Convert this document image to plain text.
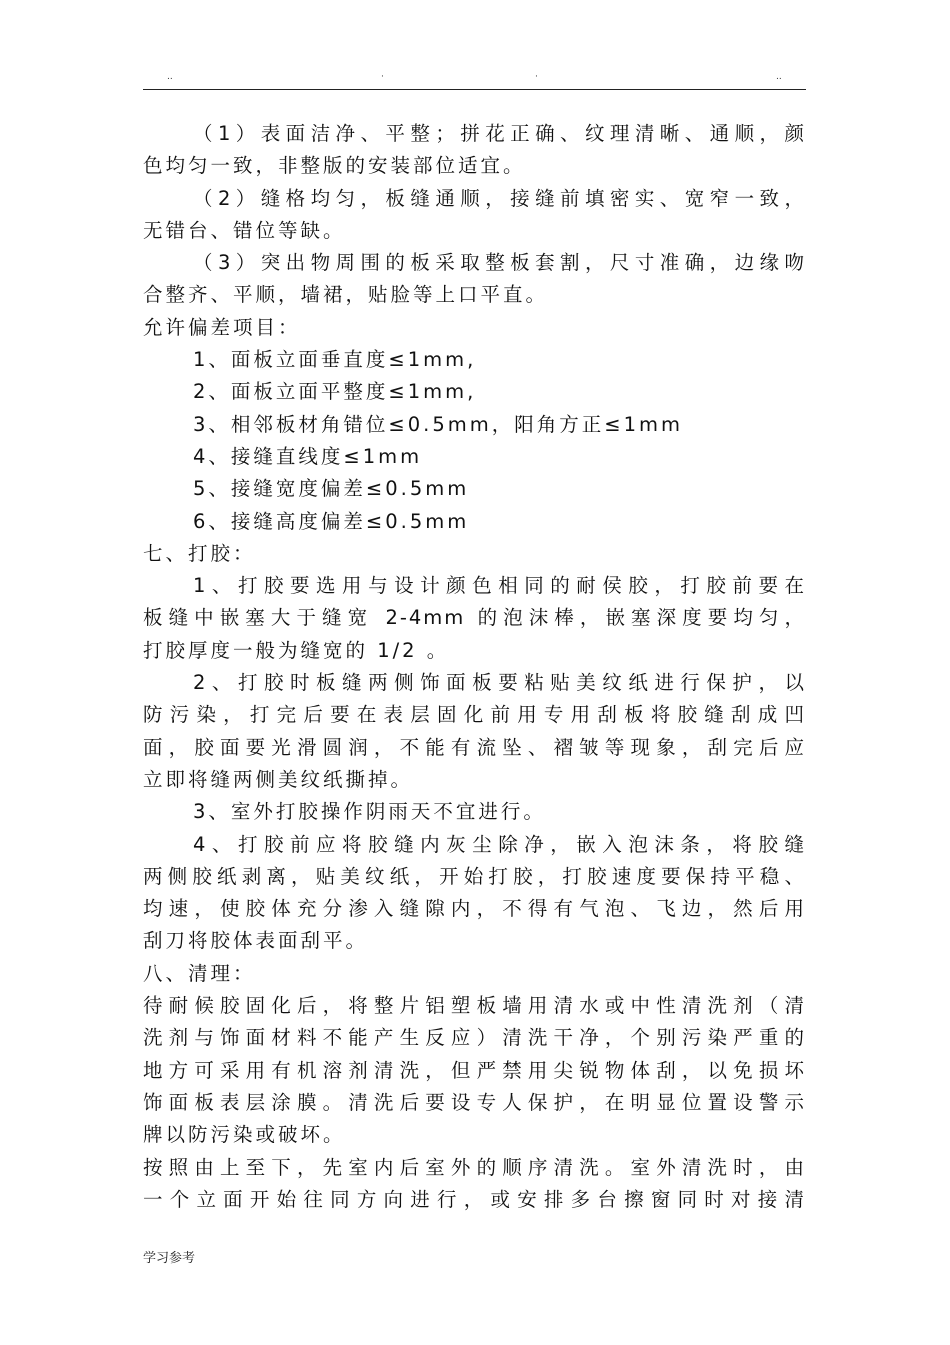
..	·	·	..
（1）表面洁净、平整；拼花正确、纹理清晰、通顺，颜
色均匀一致，非整版的安装部位适宜。
（2）缝格均匀，板缝通顺，接缝前填密实、宽窄一致，
无错台、错位等缺。
（3）突出物周围的板采取整板套割，尺寸准确，边缘吻
合整齐、平顺，墙裙，贴脸等上口平直。
允许偏差项目：
1、面板立面垂直度≤1mm,
2、面板立面平整度≤1mm,
3、相邻板材角错位≤0.5mm，阳角方正≤1mm
4、接缝直线度≤1mm
5、接缝宽度偏差≤0.5mm
6、接缝高度偏差≤0.5mm
七、打胶：
1、打胶要选用与设计颜色相同的耐侯胶，打胶前要在
板缝中嵌塞大于缝宽 2-4mm 的泡沫棒，嵌塞深度要均匀，
打胶厚度一般为缝宽的 1/2 。
2、打胶时板缝两侧饰面板要粘贴美纹纸进行保护，以
防污染，打完后要在表层固化前用专用刮板将胶缝刮成凹
面，胶面要光滑圆润，不能有流坠、褶皱等现象，刮完后应
立即将缝两侧美纹纸撕掉。
3、室外打胶操作阴雨天不宜进行。
4、打胶前应将胶缝内灰尘除净，嵌入泡沫条，将胶缝
两侧胶纸剥离，贴美纹纸，开始打胶，打胶速度要保持平稳、
均速，使胶体充分渗入缝隙内，不得有气泡、飞边，然后用
刮刀将胶体表面刮平。
八、清理：
待耐候胶固化后，将整片铝塑板墙用清水或中性清洗剂（清
洗剂与饰面材料不能产生反应）清洗干净，个别污染严重的
地方可采用有机溶剂清洗，但严禁用尖锐物体刮，以免损坏
饰面板表层涂膜。清洗后要设专人保护，在明显位置设警示
牌以防污染或破坏。
按照由上至下，先室内后室外的顺序清洗。室外清洗时，由
一个立面开始往同方向进行，或安排多台擦窗同时对接清
学习参考
